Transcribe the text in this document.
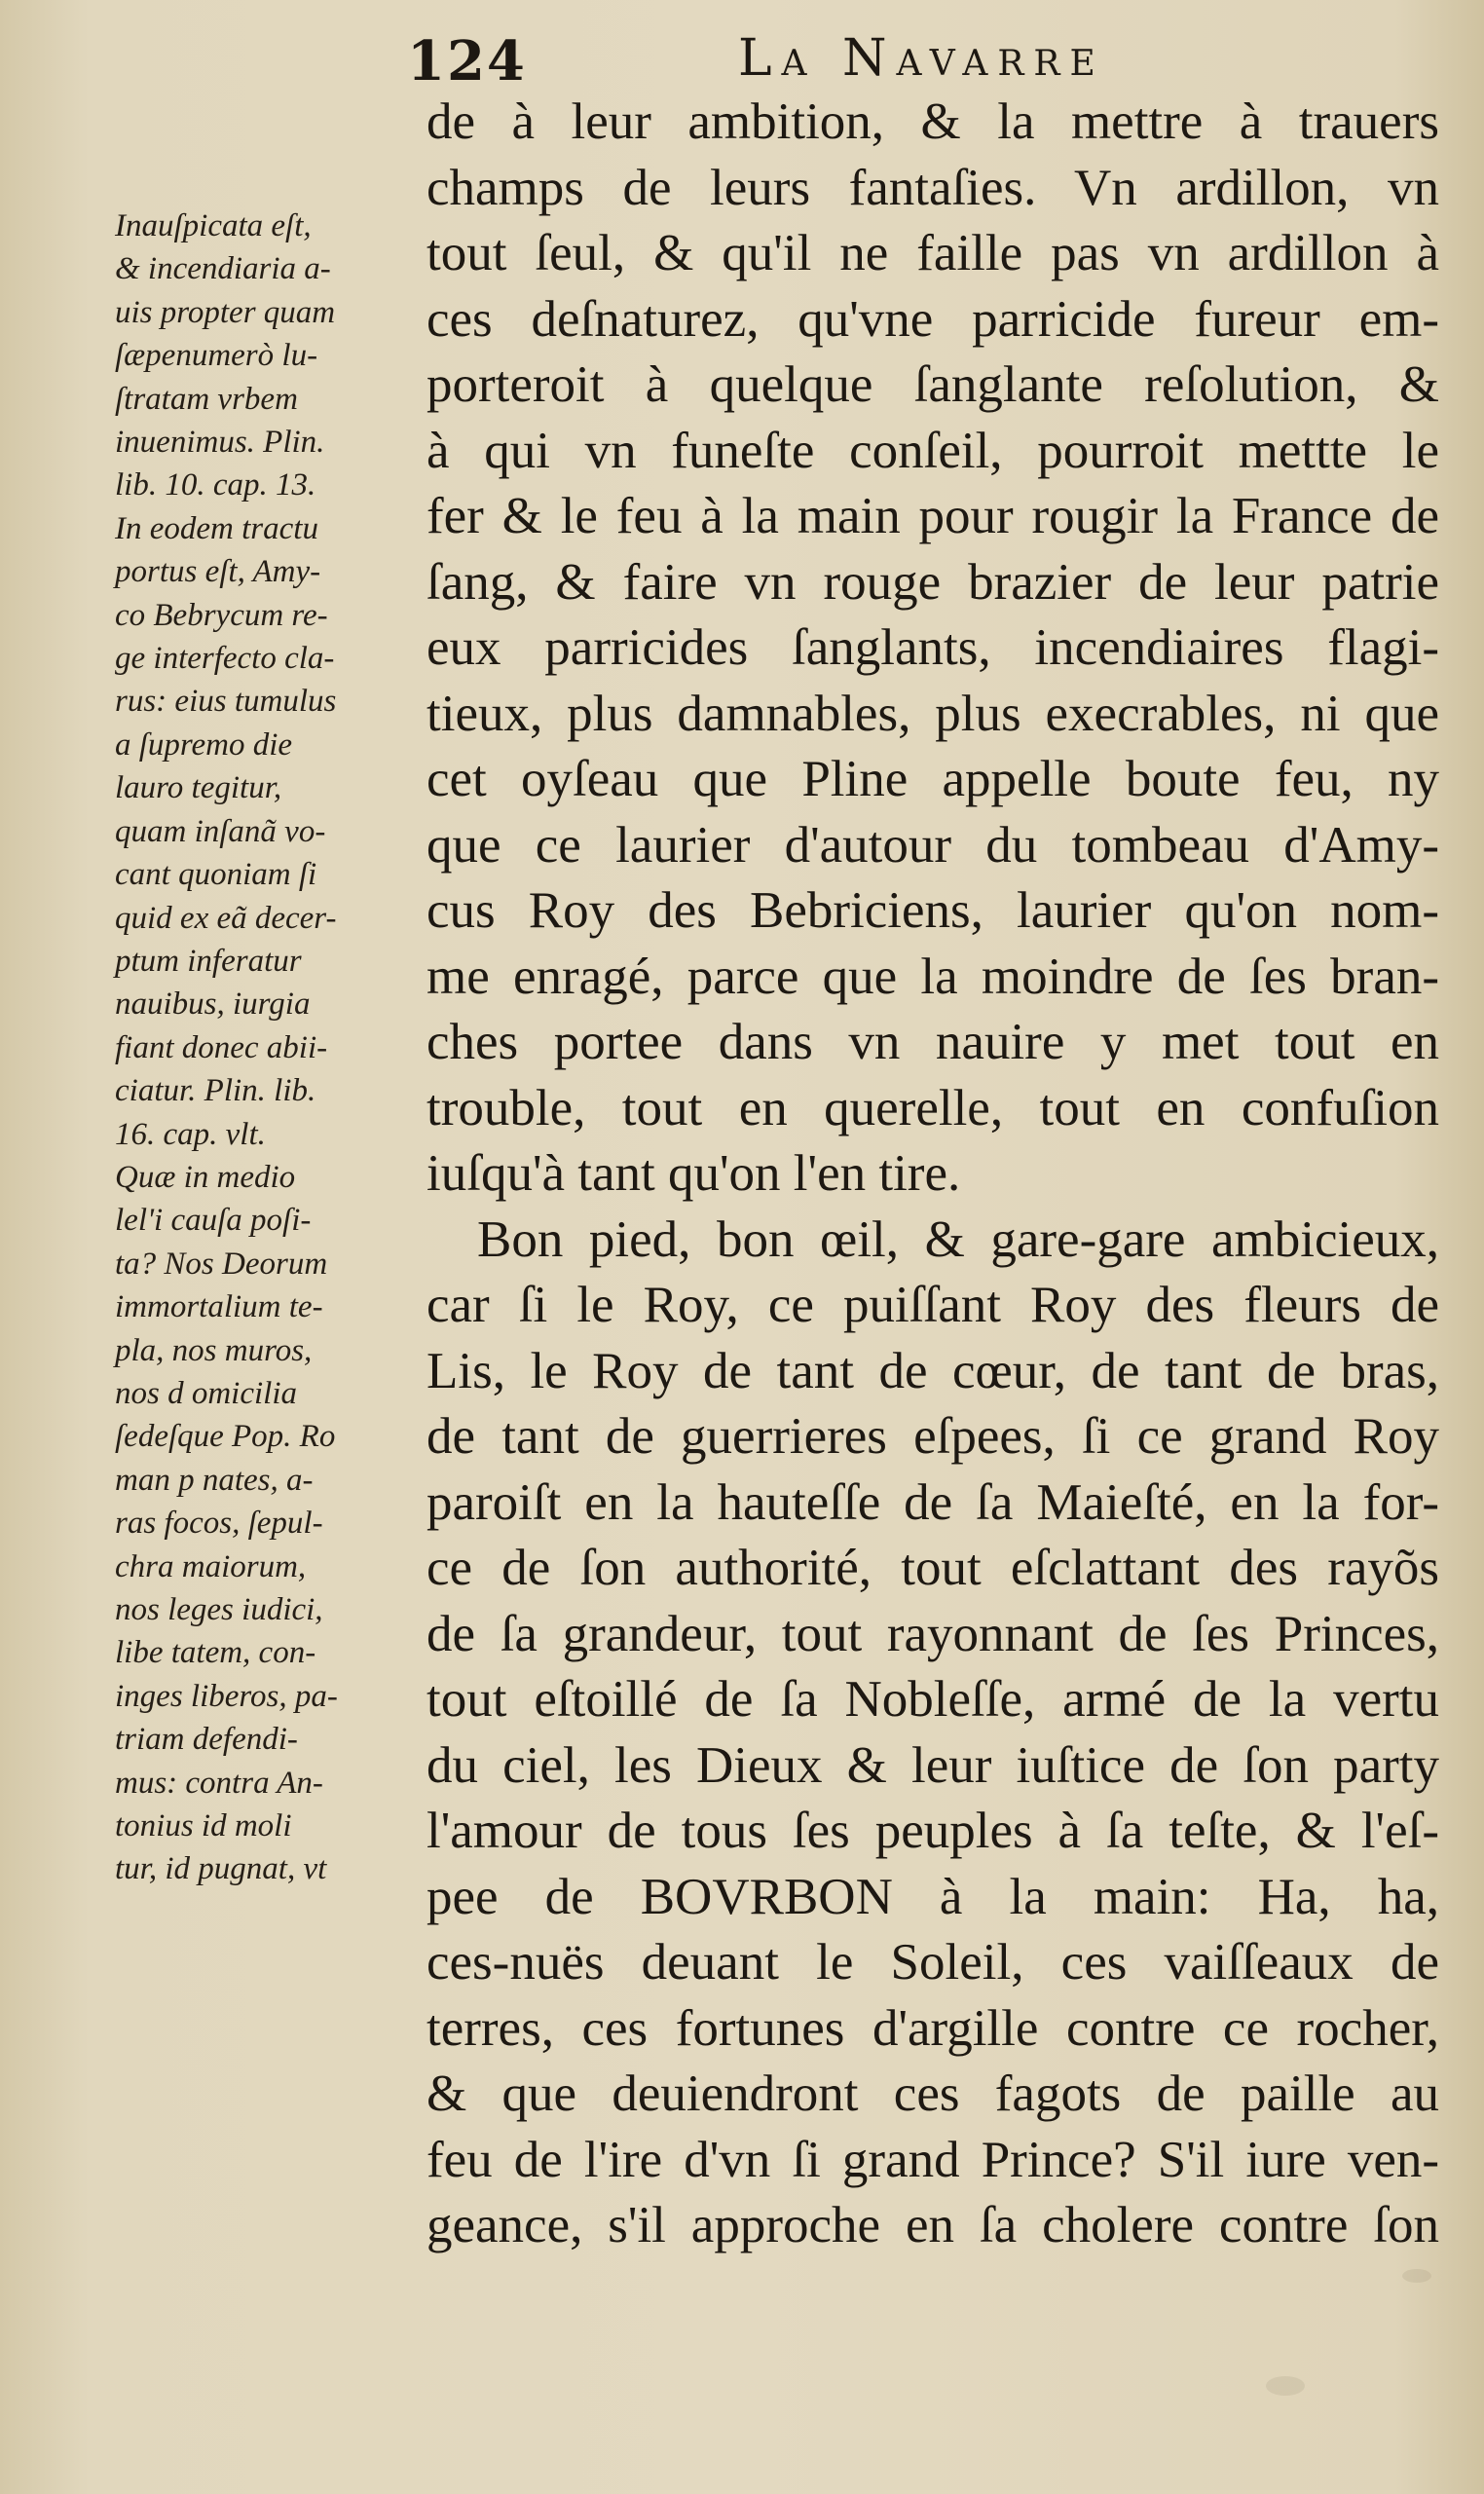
124	La Navarre
Inauſpicata eſt,
& incendiaria a-
uis propter quam
ſæpenumerò lu-
ſtratam vrbem
inuenimus. Plin.
lib. 10. cap. 13.
In eodem tractu
portus eſt, Amy-
co Bebrycum re-
ge interfecto cla-
rus: eius tumulus
a ſupremo die
lauro tegitur,
quam inſanã vo-
cant quoniam ſi
quid ex eã decer-
ptum inferatur
nauibus, iurgia
fiant donec abii-
ciatur. Plin. lib.
16. cap. vlt.
Quæ in medio
lel'i cauſa poſi-
ta? Nos Deorum
immortalium te-
pla, nos muros,
nos d omicilia
ſedeſque Pop. Ro
man p nates, a-
ras focos, ſepul-
chra maiorum,
nos leges iudici,
libe tatem, con-
inges liberos, pa-
triam defendi-
mus: contra An-
tonius id moli
tur, id pugnat, vt
de à leur ambition, & la mettre à trauers
champs de leurs fantaſies. Vn ardillon, vn
tout ſeul, & qu'il ne faille pas vn ardillon à
ces deſnaturez, qu'vne parricide fureur em-
porteroit à quelque ſanglante reſolution, &
à qui vn funeſte conſeil, pourroit mettte le
fer & le feu à la main pour rougir la France de
ſang, & faire vn rouge brazier de leur patrie
eux parricides ſanglants, incendiaires flagi-
tieux, plus damnables, plus execrables, ni que
cet oyſeau que Pline appelle boute feu, ny
que ce laurier d'autour du tombeau d'Amy-
cus Roy des Bebriciens, laurier qu'on nom-
me enragé, parce que la moindre de ſes bran-
ches portee dans vn nauire y met tout en
trouble, tout en querelle, tout en confuſion
iuſqu'à tant qu'on l'en tire.
Bon pied, bon œil, & gare-gare ambicieux,
car ſi le Roy, ce puiſſant Roy des fleurs de
Lis, le Roy de tant de cœur, de tant de bras,
de tant de guerrieres eſpees, ſi ce grand Roy
paroiſt en la hauteſſe de ſa Maieſté, en la for-
ce de ſon authorité, tout eſclattant des rayõs
de ſa grandeur, tout rayonnant de ſes Princes,
tout eſtoillé de ſa Nobleſſe, armé de la vertu
du ciel, les Dieux & leur iuſtice de ſon party
l'amour de tous ſes peuples à ſa teſte, & l'eſ-
pee de BOVRBON à la main: Ha, ha,
ces-nuës deuant le Soleil, ces vaiſſeaux de
terres, ces fortunes d'argille contre ce rocher,
& que deuiendront ces fagots de paille au
feu de l'ire d'vn ſi grand Prince? S'il iure ven-
geance, s'il approche en ſa cholere contre ſon
